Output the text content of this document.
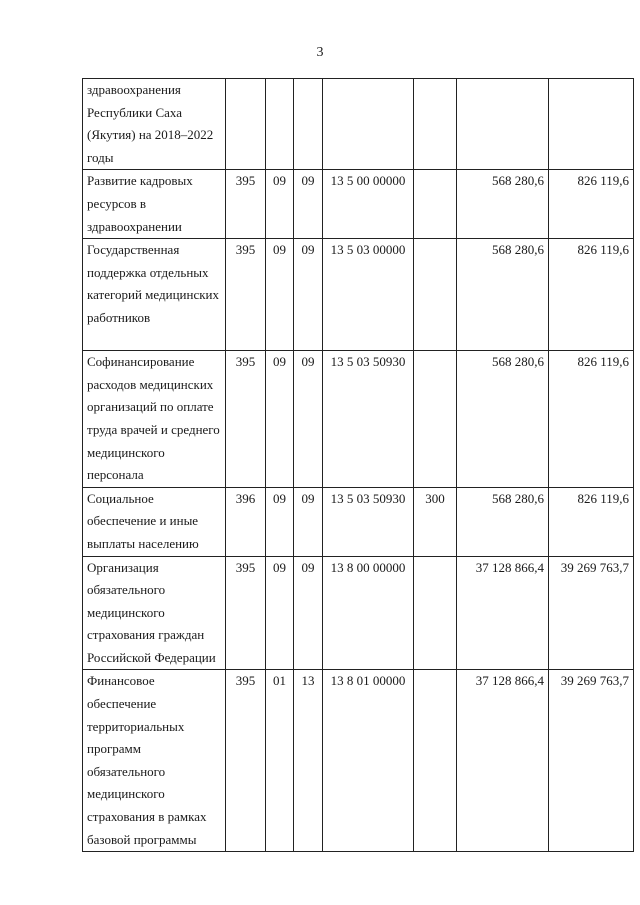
3
здравоохранения Республики Саха (Якутия) на 2018–2022 годы							
Развитие кадровых ресурсов в здравоохранении	395	09	09	13 5 00 00000		568 280,6	826 119,6
Государственная поддержка отдельных категорий медицинских работников	395	09	09	13 5 03 00000		568 280,6	826 119,6
Софинансирование расходов медицинских организаций по оплате труда врачей и среднего медицинского персонала	395	09	09	13 5 03 50930		568 280,6	826 119,6
Социальное обеспечение и иные выплаты населению	396	09	09	13 5 03 50930	300	568 280,6	826 119,6
Организация обязательного медицинского страхования граждан Российской Федерации	395	09	09	13 8 00 00000		37 128 866,4	39 269 763,7
Финансовое обеспечение территориальных программ обязательного медицинского страхования в рамках базовой программы	395	01	13	13 8 01 00000		37 128 866,4	39 269 763,7
